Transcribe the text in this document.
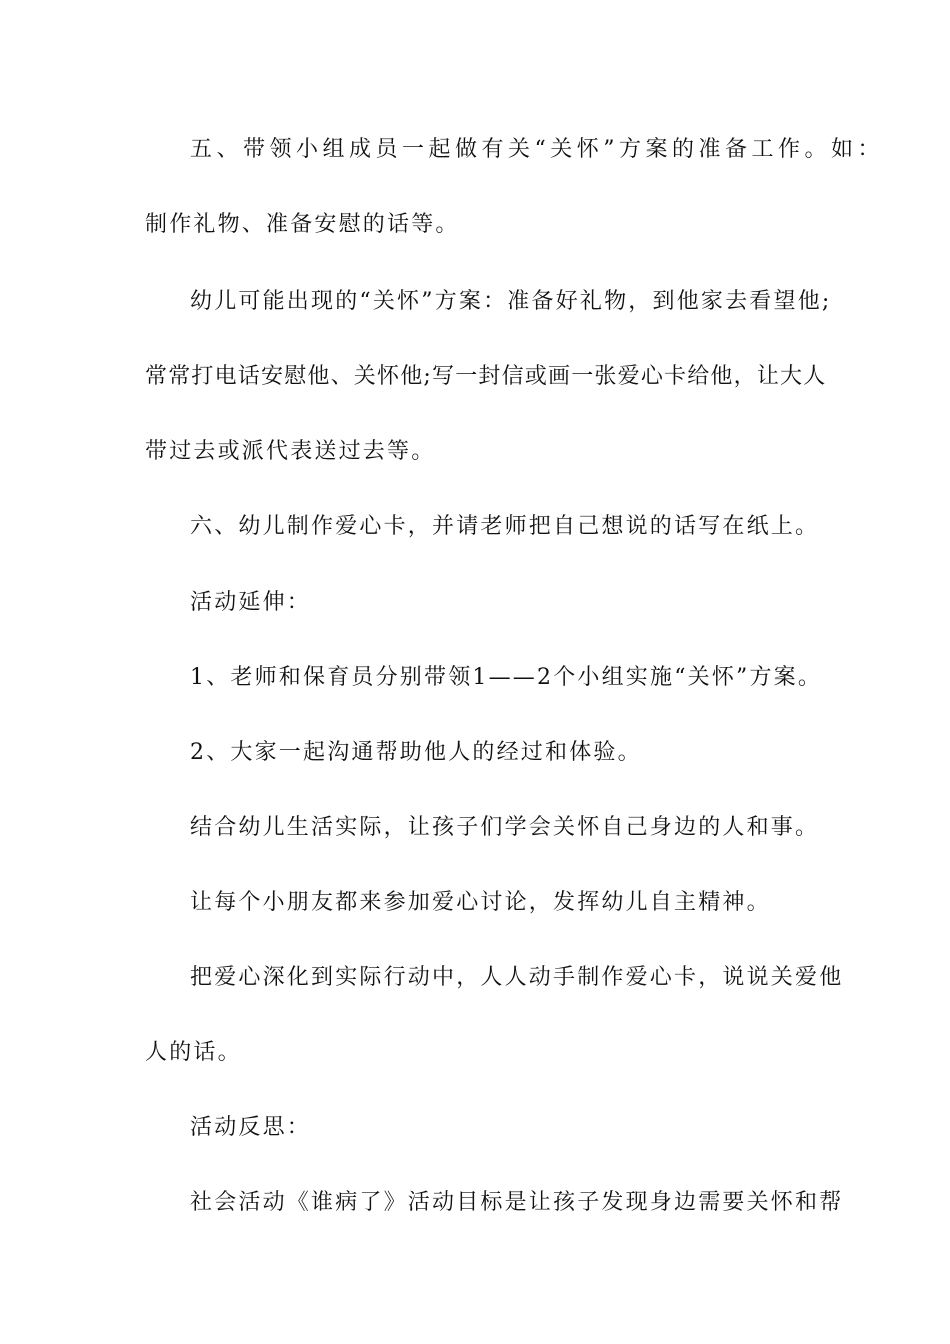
五、带领小组成员一起做有关“关怀”方案的准备工作。如：
制作礼物、准备安慰的话等。
幼儿可能出现的“关怀”方案：准备好礼物，到他家去看望他;
常常打电话安慰他、关怀他;写一封信或画一张爱心卡给他，让大人
带过去或派代表送过去等。
六、幼儿制作爱心卡，并请老师把自己想说的话写在纸上。
活动延伸：
1、老师和保育员分别带领1——2个小组实施“关怀”方案。
2、大家一起沟通帮助他人的经过和体验。
结合幼儿生活实际，让孩子们学会关怀自己身边的人和事。
让每个小朋友都来参加爱心讨论，发挥幼儿自主精神。
把爱心深化到实际行动中，人人动手制作爱心卡，说说关爱他
人的话。
活动反思：
社会活动《谁病了》活动目标是让孩子发现身边需要关怀和帮
